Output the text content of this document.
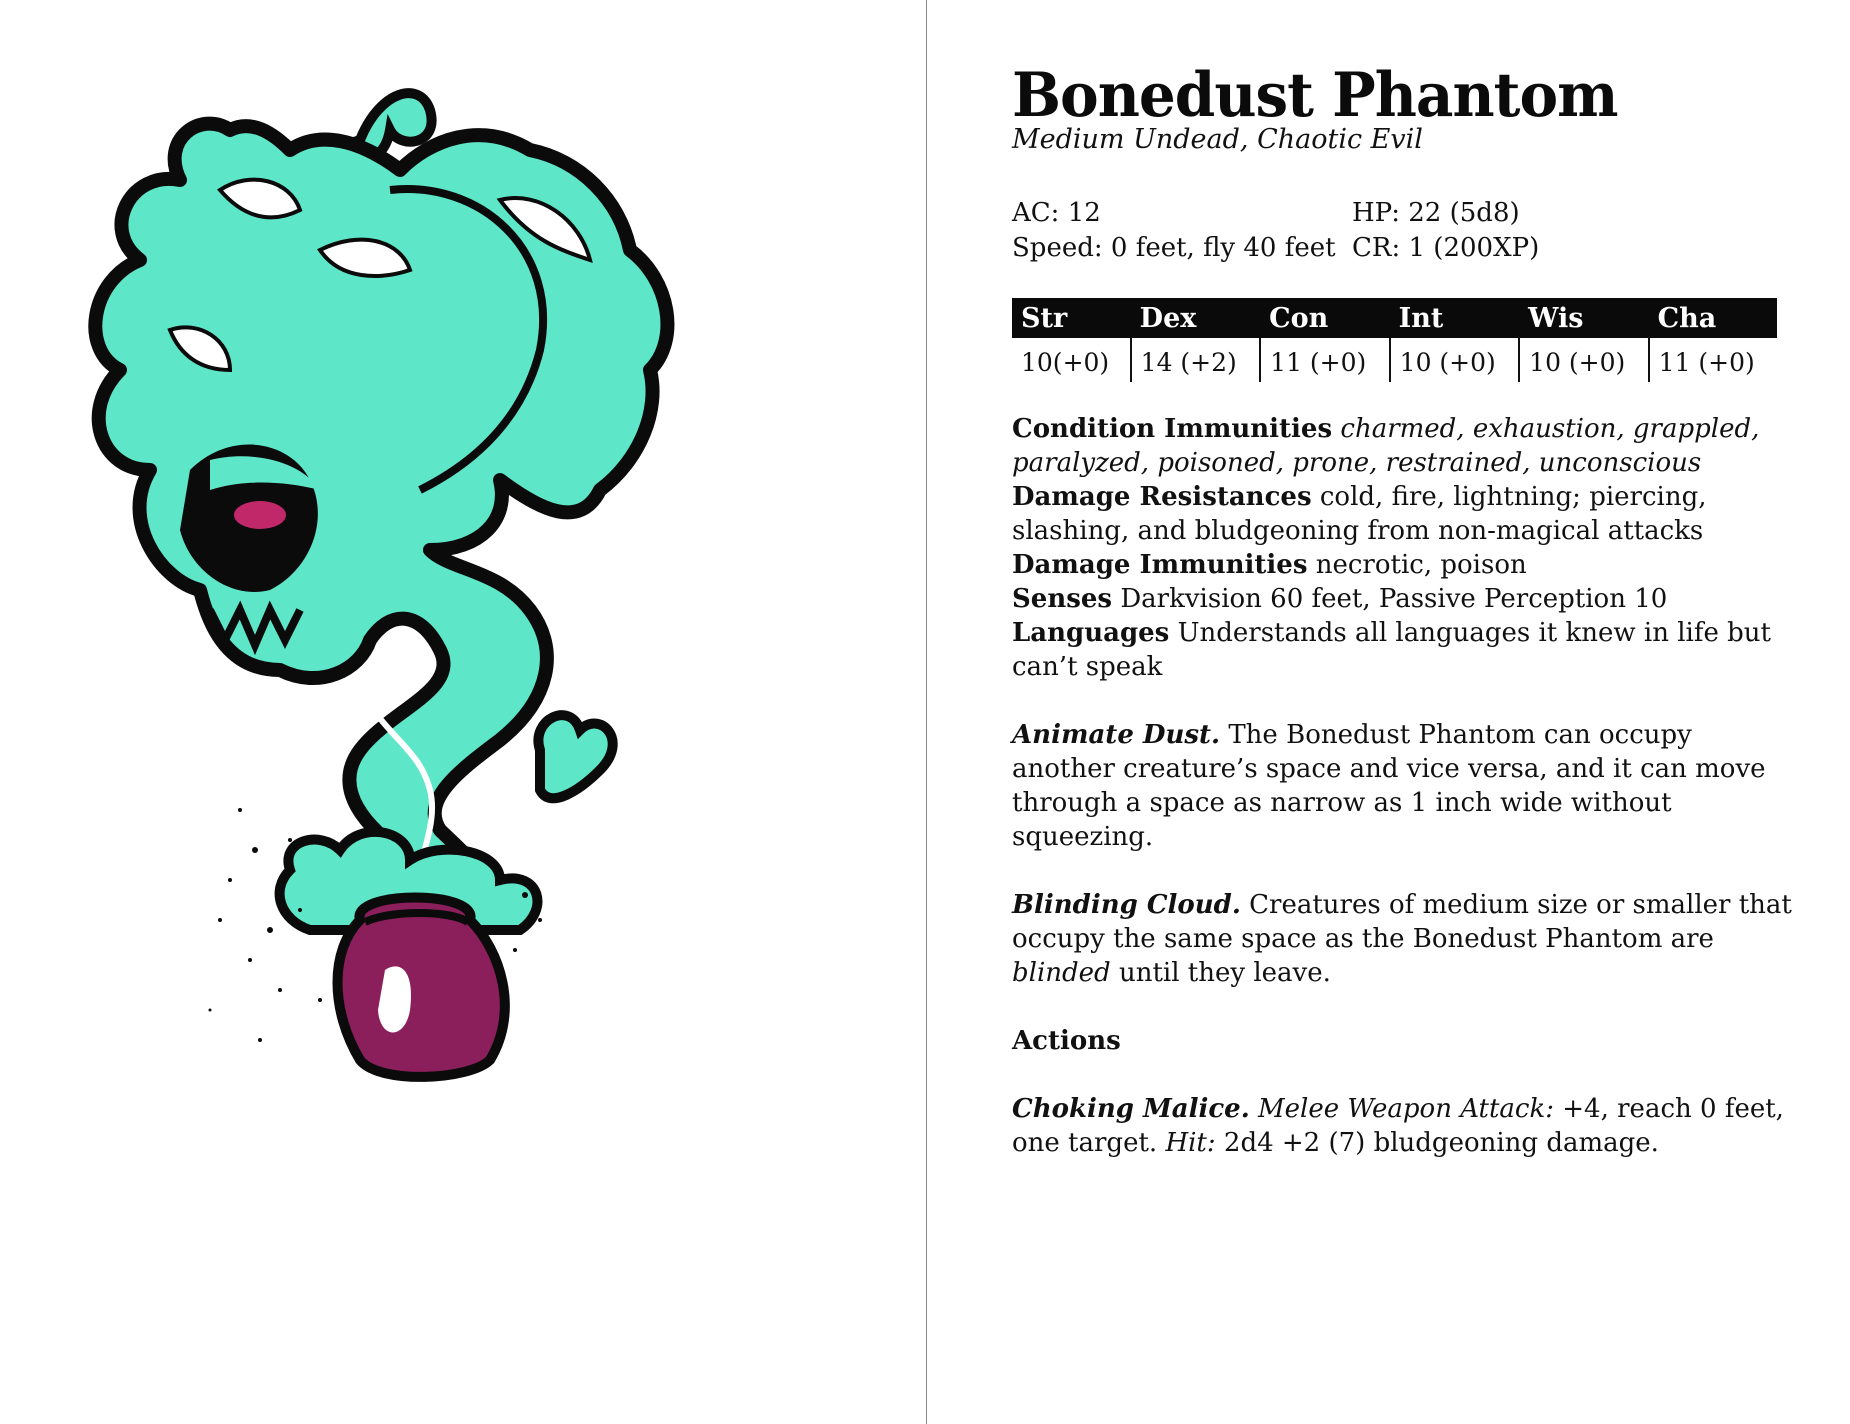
Bonedust Phantom
Medium Undead, Chaotic Evil
AC: 12	HP: 22 (5d8)
Speed: 0 feet, fly 40 feet CR: 1 (200XP)
Str	Dex	Con	Int	Wis	Cha
10(+0)	14 (+2)	11 (+0)	10 (+0)	10 (+0)	11 (+0)

Condition Immunities charmed, exhaustion, grappled, paralyzed, poisoned, prone, restrained, unconscious

Damage Resistances cold, fire, lightning; piercing, slashing, and bludgeoning from non-magical attacks

Damage Immunities necrotic, poison

Senses Darkvision 60 feet, Passive Perception 10

Languages Understands all languages it knew in life but can’t speak

Animate Dust. The Bonedust Phantom can occupy another creature’s space and vice versa, and it can move through a space as narrow as 1 inch wide without squeezing.

Blinding Cloud. Creatures of medium size or smaller that occupy the same space as the Bonedust Phantom are blinded until they leave.

Actions

Choking Malice. Melee Weapon Attack: +4, reach 0 feet, one target. Hit: 2d4 +2 (7) bludgeoning damage.
